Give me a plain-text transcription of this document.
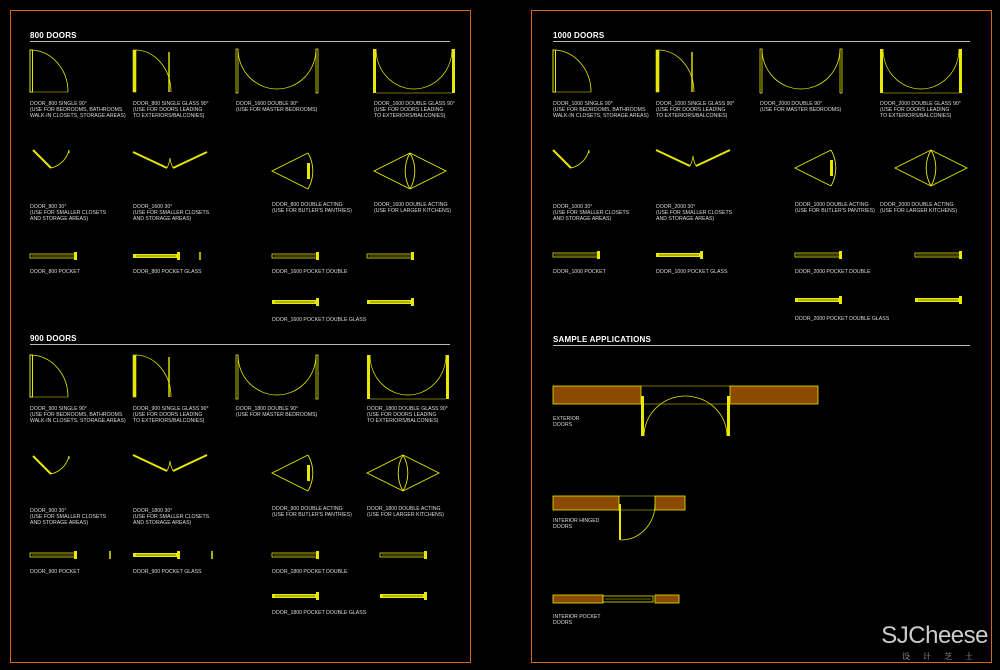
800 DOORS
900 DOORS
1000 DOORS
SAMPLE APPLICATIONS
DOOR_800 SINGLE 90°
(USE FOR BEDROOMS, BATHROOMS
WALK-IN CLOSETS, STORAGE AREAS)
DOOR_800 SINGLE GLASS 90°
(USE FOR DOORS LEADING
TO EXTERIORS/BALCONIES)
DOOR_1600 DOUBLE 90°
(USE FOR MASTER BEDROOMS)
DOOR_1600 DOUBLE GLASS 90°
(USE FOR DOORS LEADING
TO EXTERIORS/BALCONIES)
DOOR_800 30°
(USE FOR SMALLER CLOSETS
AND STORAGE AREAS)
DOOR_1600 30°
(USE FOR SMALLER CLOSETS
AND STORAGE AREAS)
DOOR_800 DOUBLE ACTING
(USE FOR BUTLER'S PANTRIES)
DOOR_1600 DOUBLE ACTING
(USE FOR LARGER KITCHENS)
DOOR_800 POCKET	DOOR_800 POCKET GLASS	DOOR_1600 POCKET DOUBLE
DOOR_1600 POCKET DOUBLE GLASS
DOOR_900 SINGLE 90°
(USE FOR BEDROOMS, BATHROOMS
WALK-IN CLOSETS, STORAGE AREAS)
DOOR_900 SINGLE GLASS 90°
(USE FOR DOORS LEADING
TO EXTERIORS/BALCONIES)
DOOR_1800 DOUBLE 90°
(USE FOR MASTER BEDROOMS)
DOOR_1800 DOUBLE GLASS 90°
(USE FOR DOORS LEADING
TO EXTERIORS/BALCONIES)
DOOR_900 30°
(USE FOR SMALLER CLOSETS
AND STORAGE AREAS)
DOOR_1800 30°
(USE FOR SMALLER CLOSETS
AND STORAGE AREAS)
DOOR_900 DOUBLE ACTING
(USE FOR BUTLER'S PANTRIES)
DOOR_1800 DOUBLE ACTING
(USE FOR LARGER KITCHENS)
DOOR_900 POCKET	DOOR_900 POCKET GLASS	DOOR_1800 POCKET DOUBLE
DOOR_1800 POCKET DOUBLE GLASS
DOOR_1000 SINGLE 90°
(USE FOR BEDROOMS, BATHROOMS
WALK-IN CLOSETS, STORAGE AREAS)
DOOR_1000 SINGLE GLASS 90°
(USE FOR DOORS LEADING
TO EXTERIORS/BALCONIES)
DOOR_2000 DOUBLE 90°
(USE FOR MASTER BEDROOMS)
DOOR_2000 DOUBLE GLASS 90°
(USE FOR DOORS LEADING
TO EXTERIORS/BALCONIES)
DOOR_1000 30°
(USE FOR SMALLER CLOSETS
AND STORAGE AREAS)
DOOR_2000 30°
(USE FOR SMALLER CLOSETS
AND STORAGE AREAS)
DOOR_1000 DOUBLE ACTING
(USE FOR BUTLER'S PANTRIES)
DOOR_2000 DOUBLE ACTING
(USE FOR LARGER KITCHENS)
DOOR_1000 POCKET	DOOR_1000 POCKET GLASS	DOOR_2000 POCKET DOUBLE
DOOR_2000 POCKET DOUBLE GLASS
EXTERIOR
DOORS
INTERIOR HINGED
DOORS
INTERIOR POCKET
DOORS	SJCheese
设计芝士
